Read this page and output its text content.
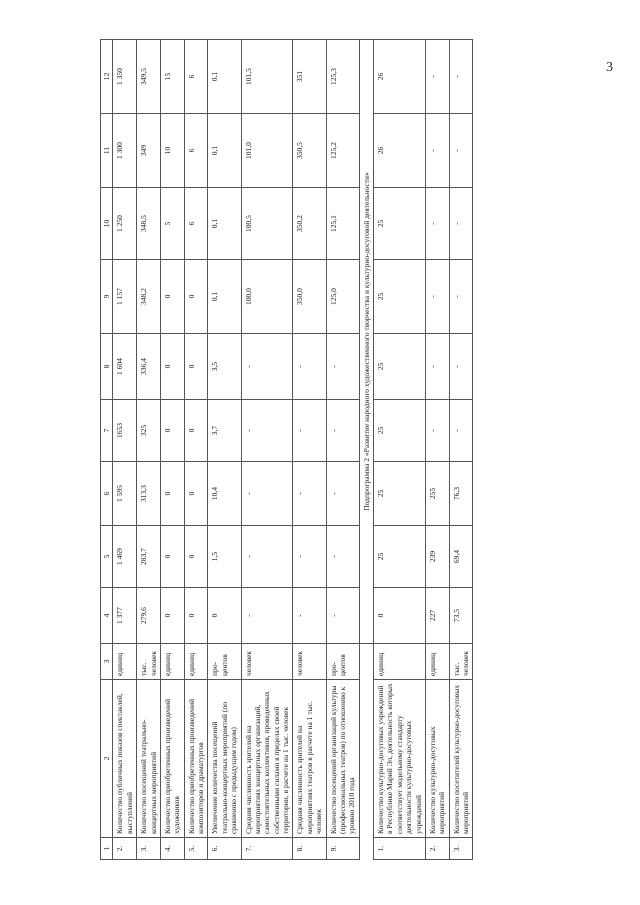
3
1	2	3	4	5	6	7	8	9	10	11	12
2.	Количество публичных показов спектаклей, выступлений	единиц	1 377	1 469	1 595	1653	1 604	1 157	1 250	1 300	1 350
3.	Количество посещений театрально-концертных мероприятий	тыс. человек	279,6	283,7	313,3	325	336,4	348,2	348,5	349	349,5
4.	Количество приобретенных произведений художников	единиц	0	0	0	0	0	0	5	10	15
5.	Количество приобретенных произведений композиторов и драматургов	единиц	0	0	0	0	0	0	6	6	6
6.	Увеличение количества посещений театрально-концертных мероприятий (по сравнению с предыдущим годом)	про- центов	0	1,5	10,4	3,7	3,5	0,1	0,1	0,1	0,1
7.	Средняя численность зрителей на мероприятиях концертных организаций, самостоятельных коллективов, проведенных собственными силами в пределах своей территории, в расчете на 1 тыс. человек	человек	-	-	-	-	-	100,0	100,5	101,0	101,5
8.	Средняя численность зрителей на мероприятиях театров в расчете на 1 тыс. человек	человек	-	-	-	-	-	350,0	350,2	350,5	351
9.	Количество посещений организаций культуры (профессиональных театров) по отношению к уровню 2010 года	про- центов	-	-	-	-	-	125,0	125,1	125,2	125,3
			Подпрограмма 2 «Развитие народного художественного творчества и культурно-досуговой деятельности»								
1.	Количество культурно-досуговых учреждений в Республике Марий Эл, деятельность которых соответствует модельному стандарту деятельности культурно-досуговых учреждений	единиц	0	25	25	25	25	25	25	26	26
2.	Количество культурно-досуговых мероприятий	единиц	227	239	255	-	-	-	-	-	-
3.	Количество посетителей культурно-досуговых мероприятий	тыс. человек	73,5	69,4	76,3	-	-	-	-	-	-
